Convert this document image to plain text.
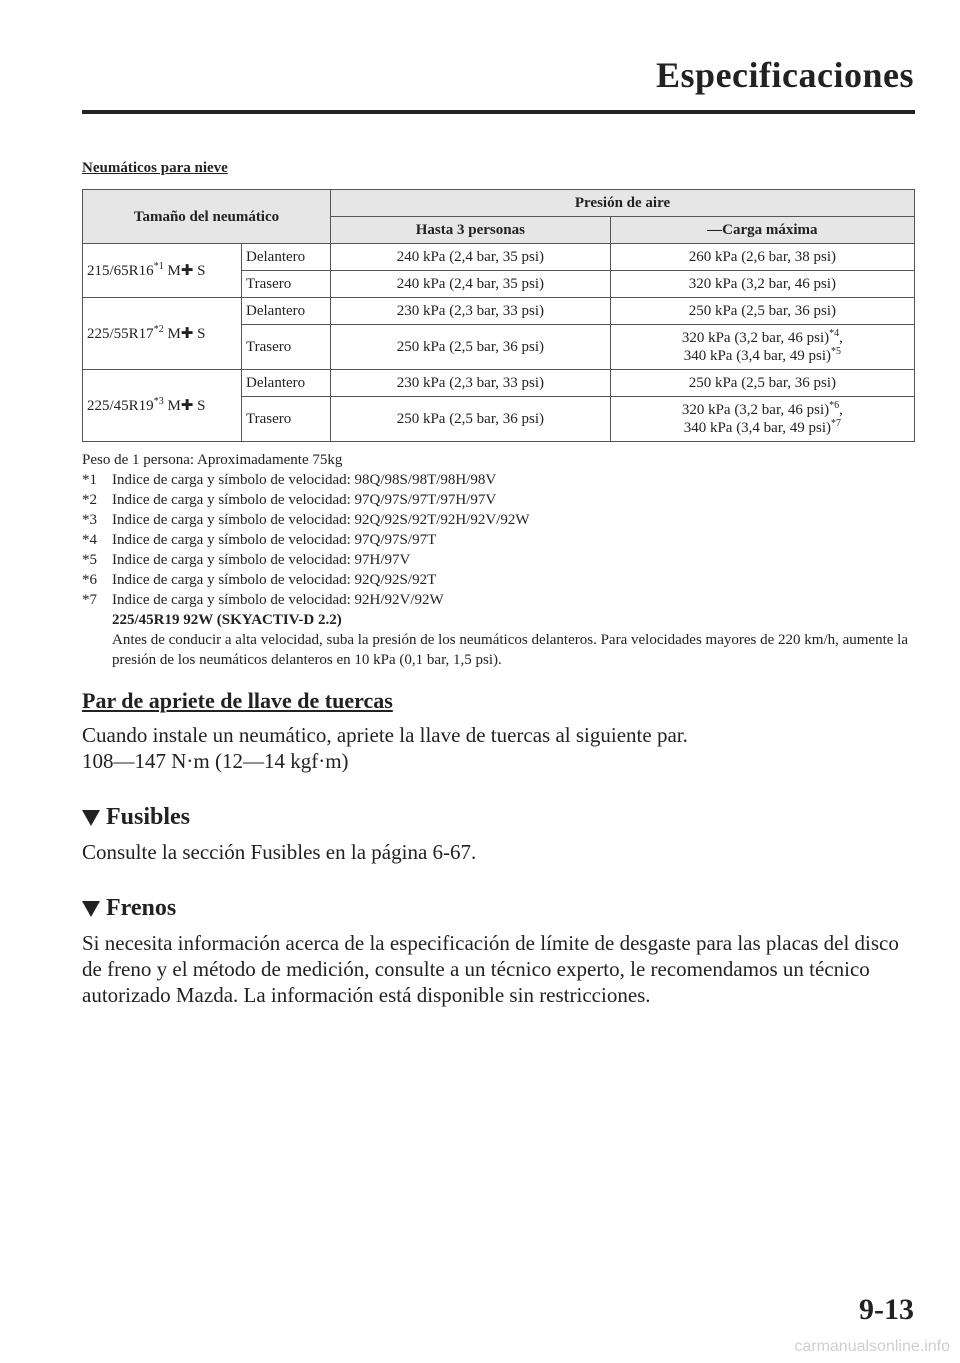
Especificaciones
Neumáticos para nieve
Tamaño del neumático		Presión de aire	
		Hasta 3 personas	―Carga máxima
215/65R16$^{*1}$ M✚ S	Delantero	240 kPa (2,4 bar, 35 psi)	260 kPa (2,6 bar, 38 psi)
	Trasero	240 kPa (2,4 bar, 35 psi)	320 kPa (3,2 bar, 46 psi)
225/55R17$^{*2}$ M✚ S	Delantero	230 kPa (2,3 bar, 33 psi)	250 kPa (2,5 bar, 36 psi)
	Trasero	250 kPa (2,5 bar, 36 psi)	320 kPa (3,2 bar, 46 psi)$^{*4}$,
340 kPa (3,4 bar, 49 psi)$^{*5}$
225/45R19$^{*3}$ M✚ S	Delantero	230 kPa (2,3 bar, 33 psi)	250 kPa (2,5 bar, 36 psi)
	Trasero	250 kPa (2,5 bar, 36 psi)	320 kPa (3,2 bar, 46 psi)$^{*6}$,
340 kPa (3,4 bar, 49 psi)$^{*7}$
Peso de 1 persona: Aproximadamente 75kg
*1	Indice de carga y símbolo de velocidad: 98Q/98S/98T/98H/98V
*2	Indice de carga y símbolo de velocidad: 97Q/97S/97T/97H/97V
*3	Indice de carga y símbolo de velocidad: 92Q/92S/92T/92H/92V/92W
*4	Indice de carga y símbolo de velocidad: 97Q/97S/97T
*5	Indice de carga y símbolo de velocidad: 97H/97V
*6	Indice de carga y símbolo de velocidad: 92Q/92S/92T
*7	Indice de carga y símbolo de velocidad: 92H/92V/92W
225/45R19 92W (SKYACTIV-D 2.2)
Antes de conducir a alta velocidad, suba la presión de los neumáticos delanteros. Para velocidades mayores de 220 km/h, aumente la presión de los neumáticos delanteros en 10 kPa (0,1 bar, 1,5 psi).
Par de apriete de llave de tuercas
Cuando instale un neumático, apriete la llave de tuercas al siguiente par.
108―147 N·m (12―14 kgf·m)
Fusibles
Consulte la sección Fusibles en la página 6-67.
Frenos
Si necesita información acerca de la especificación de límite de desgaste para las placas del disco de freno y el método de medición, consulte a un técnico experto, le recomendamos un técnico autorizado Mazda. La información está disponible sin restricciones.
9-13
carmanualsonline.info
